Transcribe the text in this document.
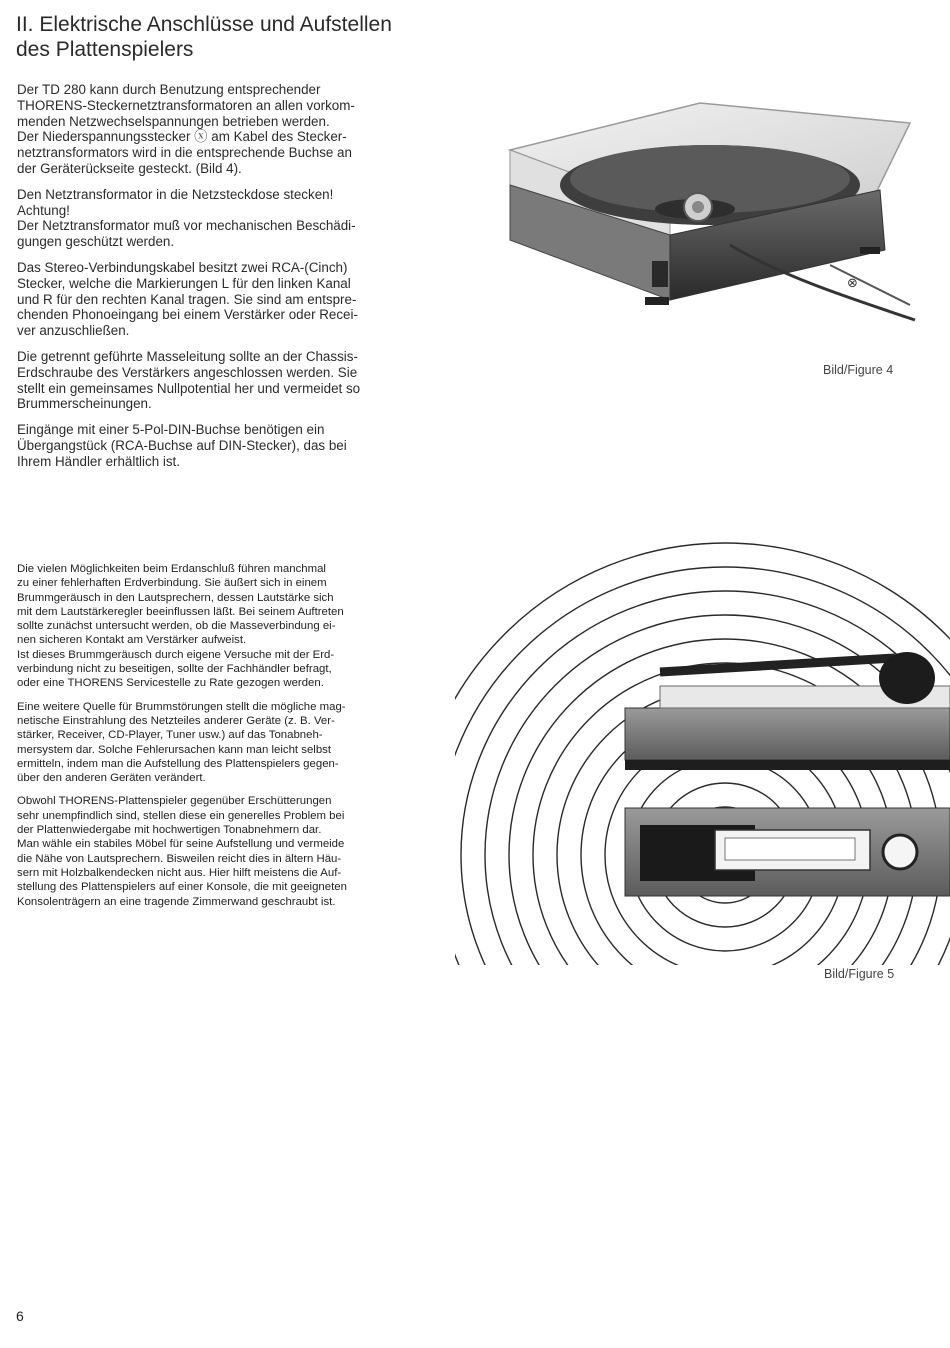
II. Elektrische Anschlüsse und Aufstellen
des Plattenspielers

Der TD 280 kann durch Benutzung entsprechender
THORENS-Steckernetztransformatoren an allen vorkom-
menden Netzwechselspannungen betrieben werden.
Der Niederspannungsstecker ⓧ am Kabel des Stecker-
netztransformators wird in die entsprechende Buchse an
der Geräterückseite gesteckt. (Bild 4).

Den Netztransformator in die Netzsteckdose stecken!
Achtung!
Der Netztransformator muß vor mechanischen Beschädi-
gungen geschützt werden.

Das Stereo-Verbindungskabel besitzt zwei RCA-(Cinch)
Stecker, welche die Markierungen L für den linken Kanal
und R für den rechten Kanal tragen. Sie sind am entspre-
chenden Phonoeingang bei einem Verstärker oder Recei-
ver anzuschließen.

Die getrennt geführte Masseleitung sollte an der Chassis-
Erdschraube des Verstärkers angeschlossen werden. Sie
stellt ein gemeinsames Nullpotential her und vermeidet so
Brummerscheinungen.

Eingänge mit einer 5-Pol-DIN-Buchse benötigen ein
Übergangstück (RCA-Buchse auf DIN-Stecker), das bei
Ihrem Händler erhältlich ist.

Die vielen Möglichkeiten beim Erdanschluß führen manchmal
zu einer fehlerhaften Erdverbindung. Sie äußert sich in einem
Brummgeräusch in den Lautsprechern, dessen Lautstärke sich
mit dem Lautstärkeregler beeinflussen läßt. Bei seinem Auftreten
sollte zunächst untersucht werden, ob die Masseverbindung ei-
nen sicheren Kontakt am Verstärker aufweist.
Ist dieses Brummgeräusch durch eigene Versuche mit der Erd-
verbindung nicht zu beseitigen, sollte der Fachhändler befragt,
oder eine THORENS Servicestelle zu Rate gezogen werden.

Eine weitere Quelle für Brummstörungen stellt die mögliche mag-
netische Einstrahlung des Netzteiles anderer Geräte (z. B. Ver-
stärker, Receiver, CD-Player, Tuner usw.) auf das Tonabneh-
mersystem dar. Solche Fehlerursachen kann man leicht selbst
ermitteln, indem man die Aufstellung des Plattenspielers gegen-
über den anderen Geräten verändert.

Obwohl THORENS-Plattenspieler gegenüber Erschütterungen
sehr unempfindlich sind, stellen diese ein generelles Problem bei
der Plattenwiedergabe mit hochwertigen Tonabnehmern dar.
Man wähle ein stabiles Möbel für seine Aufstellung und vermeide
die Nähe von Lautsprechern. Bisweilen reicht dies in ältern Häu-
sern mit Holzbalkendecken nicht aus. Hier hilft meistens die Auf-
stellung des Plattenspielers auf einer Konsole, die mit geeigneten
Konsolenträgern an eine tragende Zimmerwand geschraubt ist.

⊗
Bild/Figure 4
Bild/Figure 5
6
